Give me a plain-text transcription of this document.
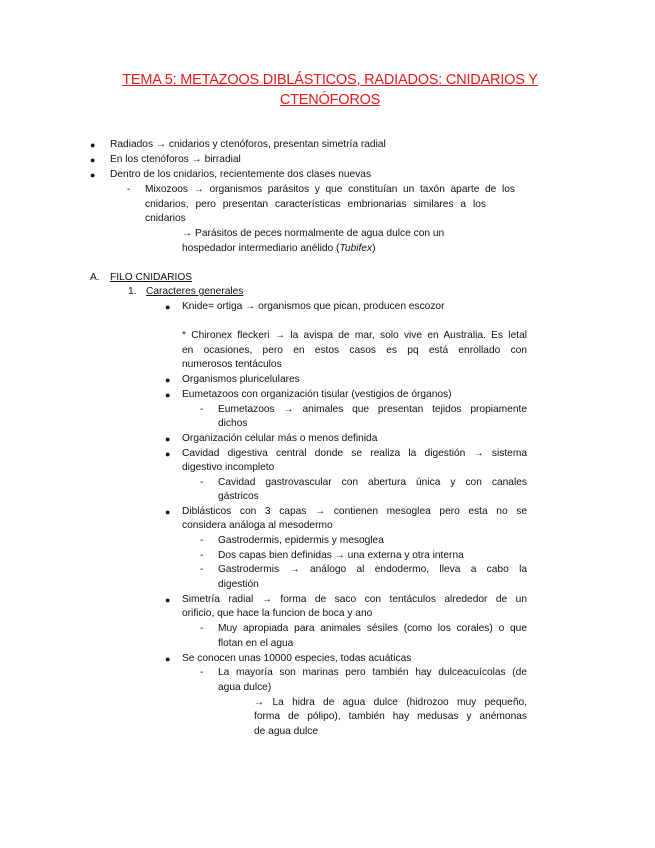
TEMA 5: METAZOOS DIBLÁSTICOS, RADIADOS: CNIDARIOS Y
CTENÓFOROS
● Radiados → cnidarios y ctenóforos, presentan simetría radial
● En los ctenóforos → birradial
● Dentro de los cnidarios, recientemente dos clases nuevas
- Mixozoos → organismos parásitos y que constituían un taxón aparte de los
cnidarios, pero presentan características embrionarias similares a los
cnidarios
→ Parásitos de peces normalmente de agua dulce con un
hospedador intermediario anélido (Tubifex)
A. FILO CNIDARIOS
1. Caracteres generales
● Knide= ortiga → organismos que pican, producen escozor
* Chironex fleckeri → la avispa de mar, solo vive en Australia. Es letal
en ocasiones, pero en estos casos es pq está enrollado con
numerosos tentáculos
● Organismos pluricelulares
● Eumetazoos con organización tisular (vestigios de órganos)
- Eumetazoos → animales que presentan tejidos propiamente
dichos
● Organización celular más o menos definida
● Cavidad digestiva central donde se realiza la digestión → sistema
digestivo incompleto
- Cavidad gastrovascular con abertura única y con canales
gástricos
● Diblásticos con 3 capas → contienen mesoglea pero esta no se
considera análoga al mesodermo
- Gastrodermis, epidermis y mesoglea
- Dos capas bien definidas → una externa y otra interna
- Gastrodermis → análogo al endodermo, lleva a cabo la
digestión
● Simetría radial → forma de saco con tentáculos alrededor de un
orificio, que hace la funcion de boca y ano
- Muy apropiada para animales sésiles (como los corales) o que
flotan en el agua
● Se conocen unas 10000 especies, todas acuáticas
- La mayoría son marinas pero también hay dulceacuícolas (de
agua dulce)
→ La hidra de agua dulce (hidrozoo muy pequeño,
forma de pólipo), también hay medusas y anémonas
de agua dulce
